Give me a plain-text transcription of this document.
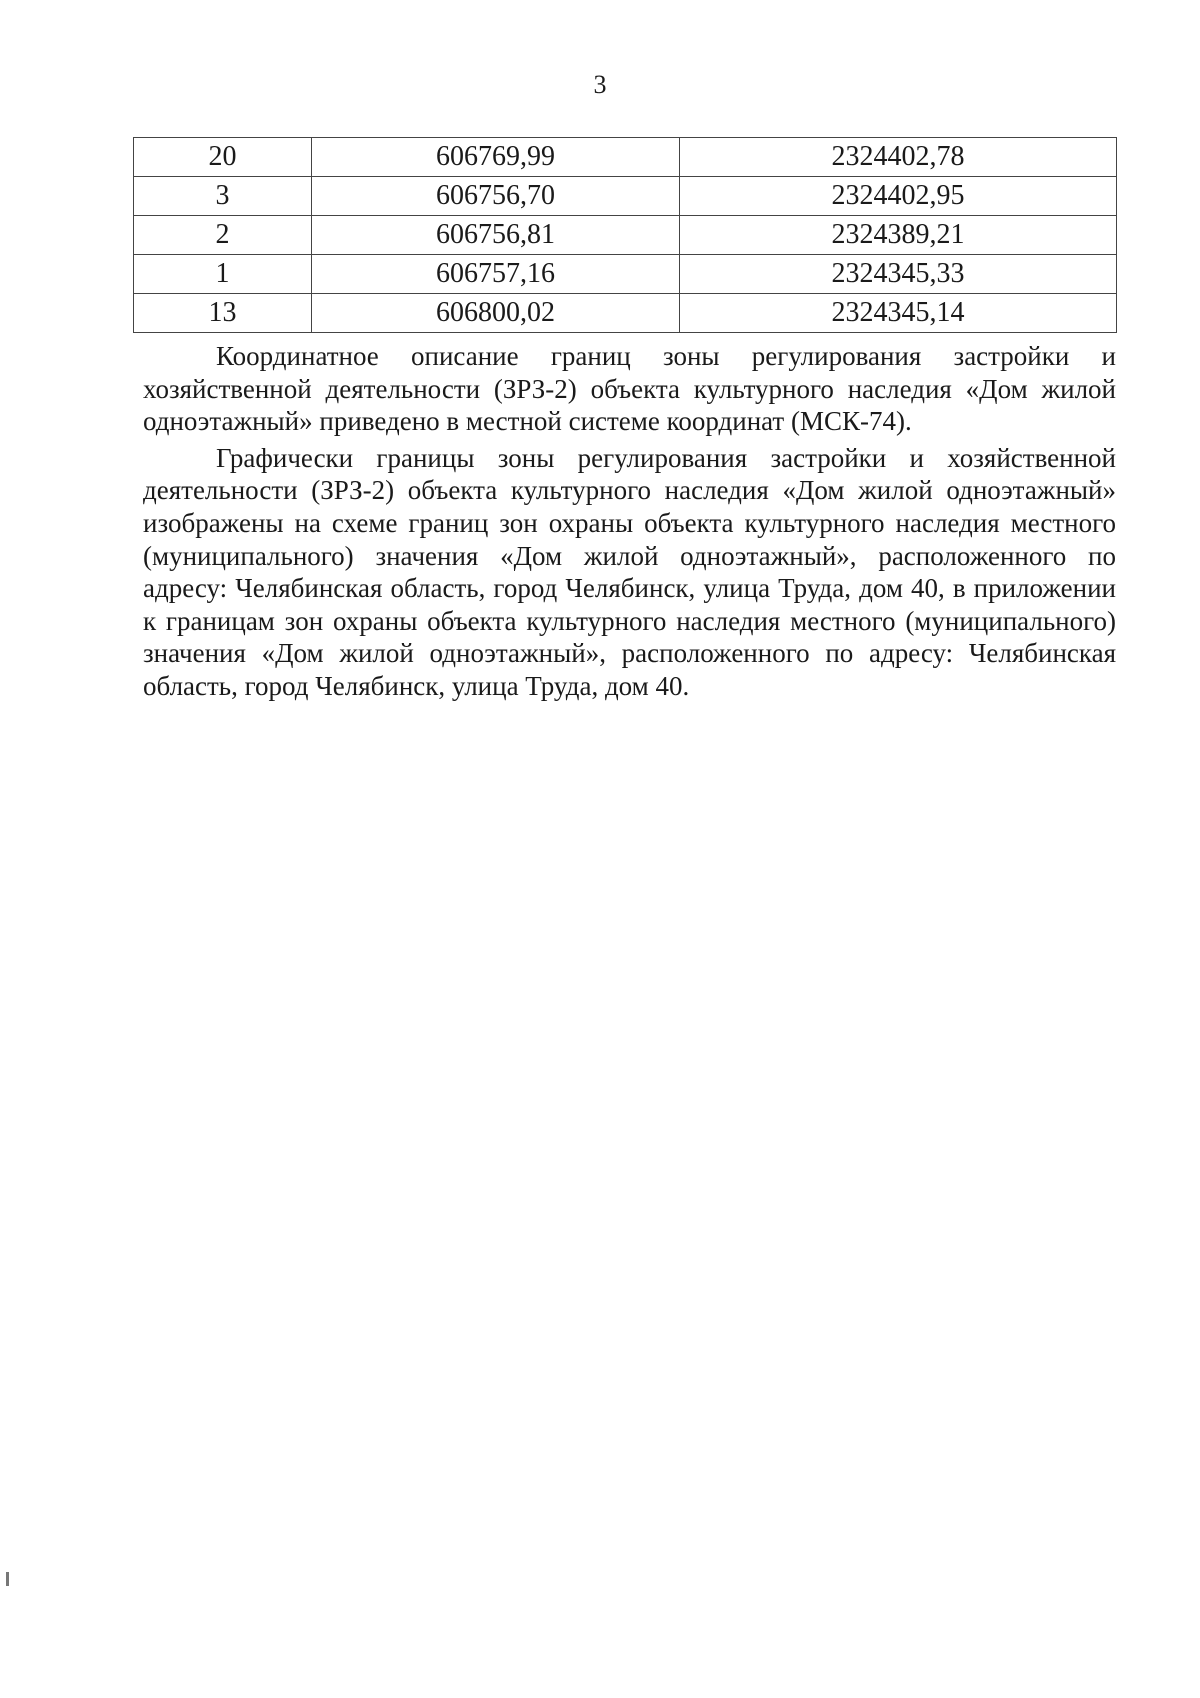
3
20	606769,99	2324402,78
3	606756,70	2324402,95
2	606756,81	2324389,21
1	606757,16	2324345,33
13	606800,02	2324345,14

Координатное описание границ зоны регулирования застройки и хозяйственной деятельности (ЗРЗ-2) объекта культурного наследия «Дом жилой одноэтажный» приведено в местной системе координат (МСК-74).

Графически границы зоны регулирования застройки и хозяйственной деятельности (ЗРЗ-2) объекта культурного наследия «Дом жилой одноэтажный» изображены на схеме границ зон охраны объекта культурного наследия местного (муниципального) значения «Дом жилой одноэтажный», расположенного по адресу: Челябинская область, город Челябинск, улица Труда, дом 40, в приложении к границам зон охраны объекта культурного наследия местного (муниципального) значения «Дом жилой одноэтажный», расположенного по адресу: Челябинская область, город Челябинск, улица Труда, дом 40.
